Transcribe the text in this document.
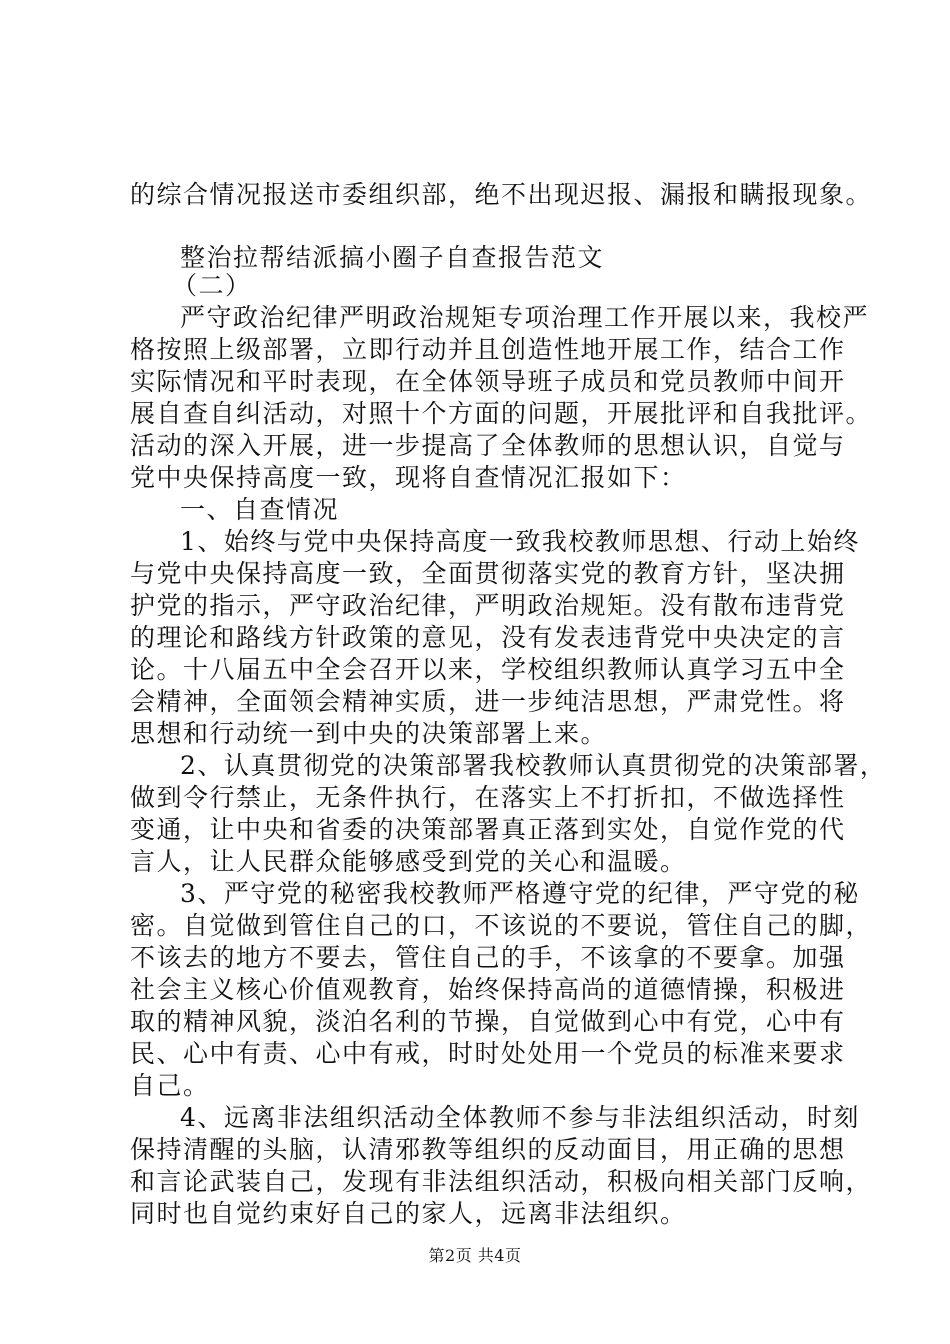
的综合情况报送市委组织部，绝不出现迟报、漏报和瞒报现象。
整治拉帮结派搞小圈子自查报告范文
（二）
严守政治纪律严明政治规矩专项治理工作开展以来，我校严
格按照上级部署，立即行动并且创造性地开展工作，结合工作
实际情况和平时表现，在全体领导班子成员和党员教师中间开
展自查自纠活动，对照十个方面的问题，开展批评和自我批评。
活动的深入开展，进一步提高了全体教师的思想认识，自觉与
党中央保持高度一致，现将自查情况汇报如下：
一、自查情况
1、始终与党中央保持高度一致我校教师思想、行动上始终
与党中央保持高度一致，全面贯彻落实党的教育方针，坚决拥
护党的指示，严守政治纪律，严明政治规矩。没有散布违背党
的理论和路线方针政策的意见，没有发表违背党中央决定的言
论。十八届五中全会召开以来，学校组织教师认真学习五中全
会精神，全面领会精神实质，进一步纯洁思想，严肃党性。将
思想和行动统一到中央的决策部署上来。
2、认真贯彻党的决策部署我校教师认真贯彻党的决策部署，
做到令行禁止，无条件执行，在落实上不打折扣，不做选择性
变通，让中央和省委的决策部署真正落到实处，自觉作党的代
言人，让人民群众能够感受到党的关心和温暖。
3、严守党的秘密我校教师严格遵守党的纪律，严守党的秘
密。自觉做到管住自己的口，不该说的不要说，管住自己的脚，
不该去的地方不要去，管住自己的手，不该拿的不要拿。加强
社会主义核心价值观教育，始终保持高尚的道德情操，积极进
取的精神风貌，淡泊名利的节操，自觉做到心中有党，心中有
民、心中有责、心中有戒，时时处处用一个党员的标准来要求
自己。
4、远离非法组织活动全体教师不参与非法组织活动，时刻
保持清醒的头脑，认清邪教等组织的反动面目，用正确的思想
和言论武装自己，发现有非法组织活动，积极向相关部门反响，
同时也自觉约束好自己的家人，远离非法组织。
第2页 共4页
